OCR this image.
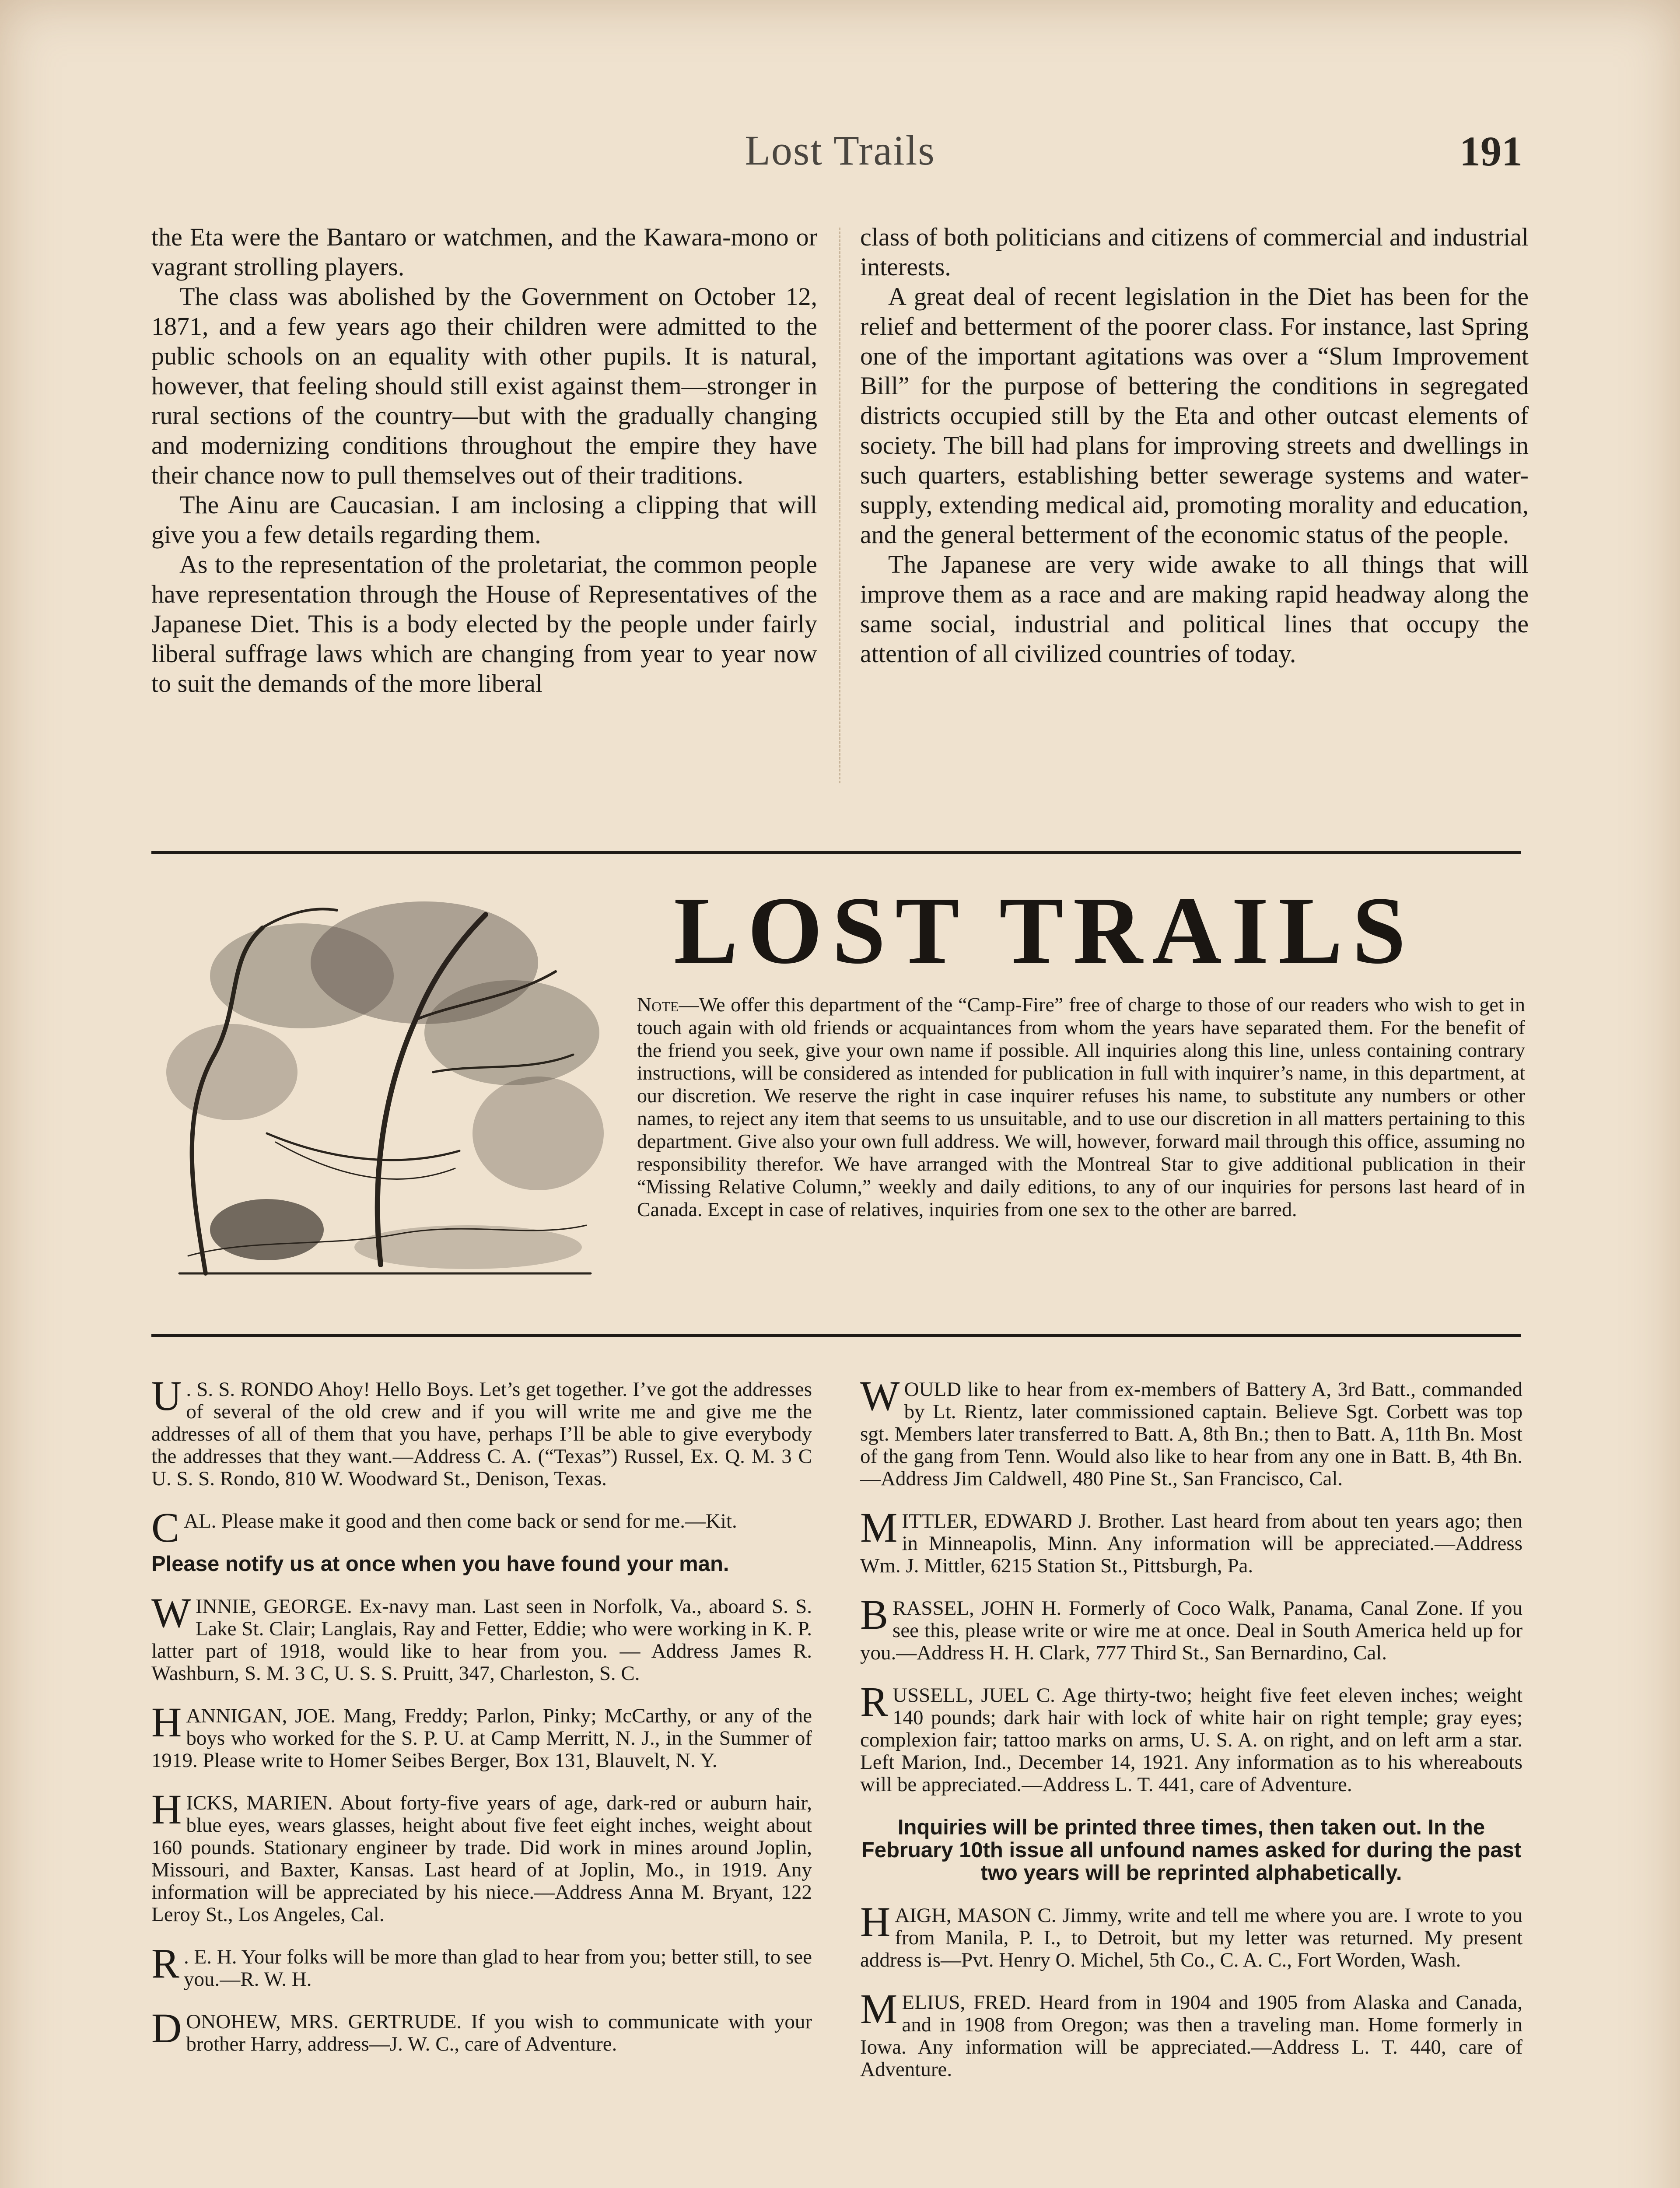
Lost Trails	191

the Eta were the Bantaro or watchmen, and the Kawara-mono or vagrant strolling players.

The class was abolished by the Government on October 12, 1871, and a few years ago their children were admitted to the public schools on an equality with other pupils. It is natural, however, that feeling should still exist against them—stronger in rural sections of the country—but with the gradually changing and modernizing conditions throughout the empire they have their chance now to pull themselves out of their traditions.

The Ainu are Caucasian. I am inclosing a clipping that will give you a few details regarding them.

As to the representation of the proletariat, the common people have representation through the House of Representatives of the Japanese Diet. This is a body elected by the people under fairly liberal suffrage laws which are changing from year to year now to suit the demands of the more liberal

class of both politicians and citizens of commercial and industrial interests.

A great deal of recent legislation in the Diet has been for the relief and betterment of the poorer class. For instance, last Spring one of the important agitations was over a “Slum Improvement Bill” for the purpose of bettering the conditions in segregated districts occupied still by the Eta and other outcast elements of society. The bill had plans for improving streets and dwellings in such quarters, establishing better sewerage systems and water-supply, extending medical aid, promoting morality and education, and the general betterment of the economic status of the people.

The Japanese are very wide awake to all things that will improve them as a race and are making rapid headway along the same social, industrial and political lines that occupy the attention of all civilized countries of today.

LOST TRAILS
Note—We offer this department of the “Camp-Fire” free of charge to those of our readers who wish to get in touch again with old friends or acquaintances from whom the years have separated them. For the benefit of the friend you seek, give your own name if possible. All inquiries along this line, unless containing contrary instructions, will be considered as intended for publication in full with inquirer’s name, in this department, at our discretion. We reserve the right in case inquirer refuses his name, to substitute any numbers or other names, to reject any item that seems to us unsuitable, and to use our discretion in all matters pertaining to this department. Give also your own full address. We will, however, forward mail through this office, assuming no responsibility therefor. We have arranged with the Montreal Star to give additional publication in their “Missing Relative Column,” weekly and daily editions, to any of our inquiries for persons last heard of in Canada. Except in case of relatives, inquiries from one sex to the other are barred.
U . S. S. RONDO Ahoy! Hello Boys. Let’s get together. I’ve got the addresses of several of the old crew and if you will write me and give me the addresses of all of them that you have, perhaps I’ll be able to give everybody the addresses that they want.—Address C. A. (“Texas”) Russel, Ex. Q. M. 3 C U. S. S. Rondo, 810 W. Woodward St., Denison, Texas.
CAL. Please make it good and then come back or send for me.—Kit.
Please notify us at once when you have found your man.
WINNIE, GEORGE. Ex-navy man. Last seen in Norfolk, Va., aboard S. S. Lake St. Clair; Langlais, Ray and Fetter, Eddie; who were working in K. P. latter part of 1918, would like to hear from you. — Address James R. Washburn, S. M. 3 C, U. S. S. Pruitt, 347, Charleston, S. C.
HANNIGAN, JOE. Mang, Freddy; Parlon, Pinky; McCarthy, or any of the boys who worked for the S. P. U. at Camp Merritt, N. J., in the Summer of 1919. Please write to Homer Seibes Berger, Box 131, Blauvelt, N. Y.
HICKS, MARIEN. About forty-five years of age, dark-red or auburn hair, blue eyes, wears glasses, height about five feet eight inches, weight about 160 pounds. Stationary engineer by trade. Did work in mines around Joplin, Missouri, and Baxter, Kansas. Last heard of at Joplin, Mo., in 1919. Any information will be appreciated by his niece.—Address Anna M. Bryant, 122 Leroy St., Los Angeles, Cal.
R . E. H. Your folks will be more than glad to hear from you; better still, to see you.—R. W. H.
DONOHEW, MRS. GERTRUDE. If you wish to communicate with your brother Harry, address—J. W. C., care of Adventure.
WOULD like to hear from ex-members of Battery A, 3rd Batt., commanded by Lt. Rientz, later commissioned captain. Believe Sgt. Corbett was top sgt. Members later transferred to Batt. A, 8th Bn.; then to Batt. A, 11th Bn. Most of the gang from Tenn. Would also like to hear from any one in Batt. B, 4th Bn.—Address Jim Caldwell, 480 Pine St., San Francisco, Cal.
MITTLER, EDWARD J. Brother. Last heard from about ten years ago; then in Minneapolis, Minn. Any information will be appreciated.—Address Wm. J. Mittler, 6215 Station St., Pittsburgh, Pa.
BRASSEL, JOHN H. Formerly of Coco Walk, Panama, Canal Zone. If you see this, please write or wire me at once. Deal in South America held up for you.—Address H. H. Clark, 777 Third St., San Bernardino, Cal.
RUSSELL, JUEL C. Age thirty-two; height five feet eleven inches; weight 140 pounds; dark hair with lock of white hair on right temple; gray eyes; complexion fair; tattoo marks on arms, U. S. A. on right, and on left arm a star. Left Marion, Ind., December 14, 1921. Any information as to his whereabouts will be appreciated.—Address L. T. 441, care of Adventure.
Inquiries will be printed three times, then taken out. In the February 10th issue all unfound names asked for during the past two years will be reprinted alphabetically.
HAIGH, MASON C. Jimmy, write and tell me where you are. I wrote to you from Manila, P. I., to Detroit, but my letter was returned. My present address is—Pvt. Henry O. Michel, 5th Co., C. A. C., Fort Worden, Wash.
MELIUS, FRED. Heard from in 1904 and 1905 from Alaska and Canada, and in 1908 from Oregon; was then a traveling man. Home formerly in Iowa. Any information will be appreciated.—Address L. T. 440, care of Adventure.
